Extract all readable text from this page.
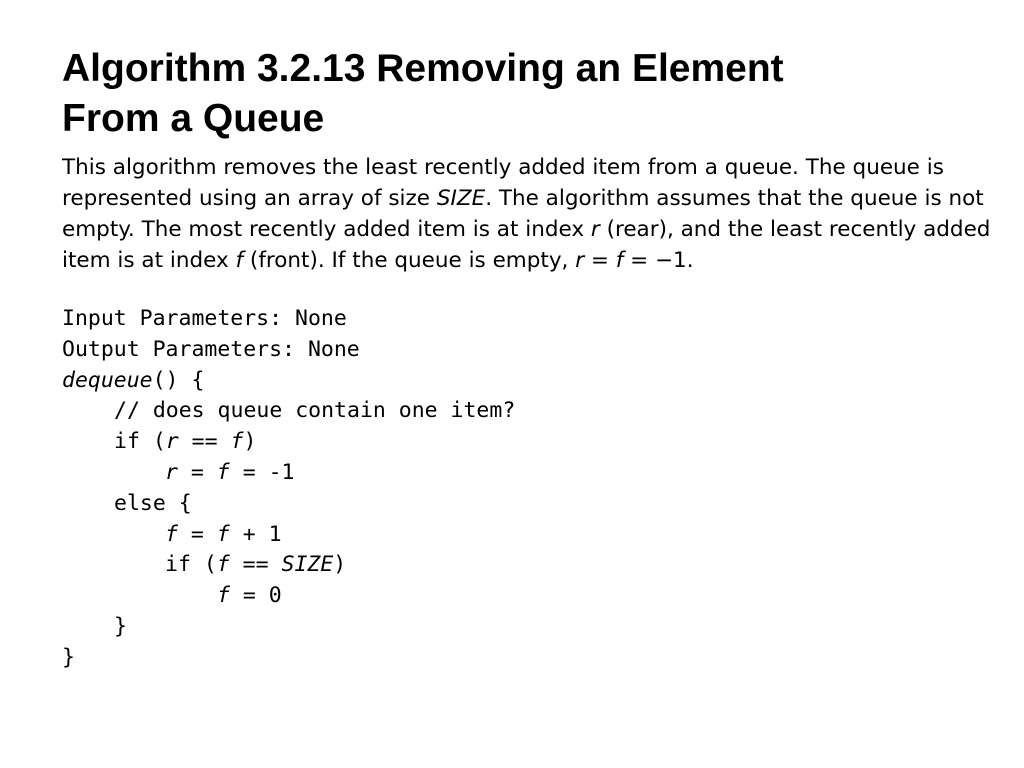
Algorithm 3.2.13 Removing an Element
From a Queue

This algorithm removes the least recently added item from a queue. The queue is represented using an array of size SIZE. The algorithm assumes that the queue is not empty. The most recently added item is at index r (rear), and the least recently added item is at index f (front). If the queue is empty, r = f = −1.

Input Parameters: None
Output Parameters: None
dequeue() {
// does queue contain one item?
if (r == f)
r = f = -1
else {
f = f + 1
if (f == SIZE)
f = 0
}
}
